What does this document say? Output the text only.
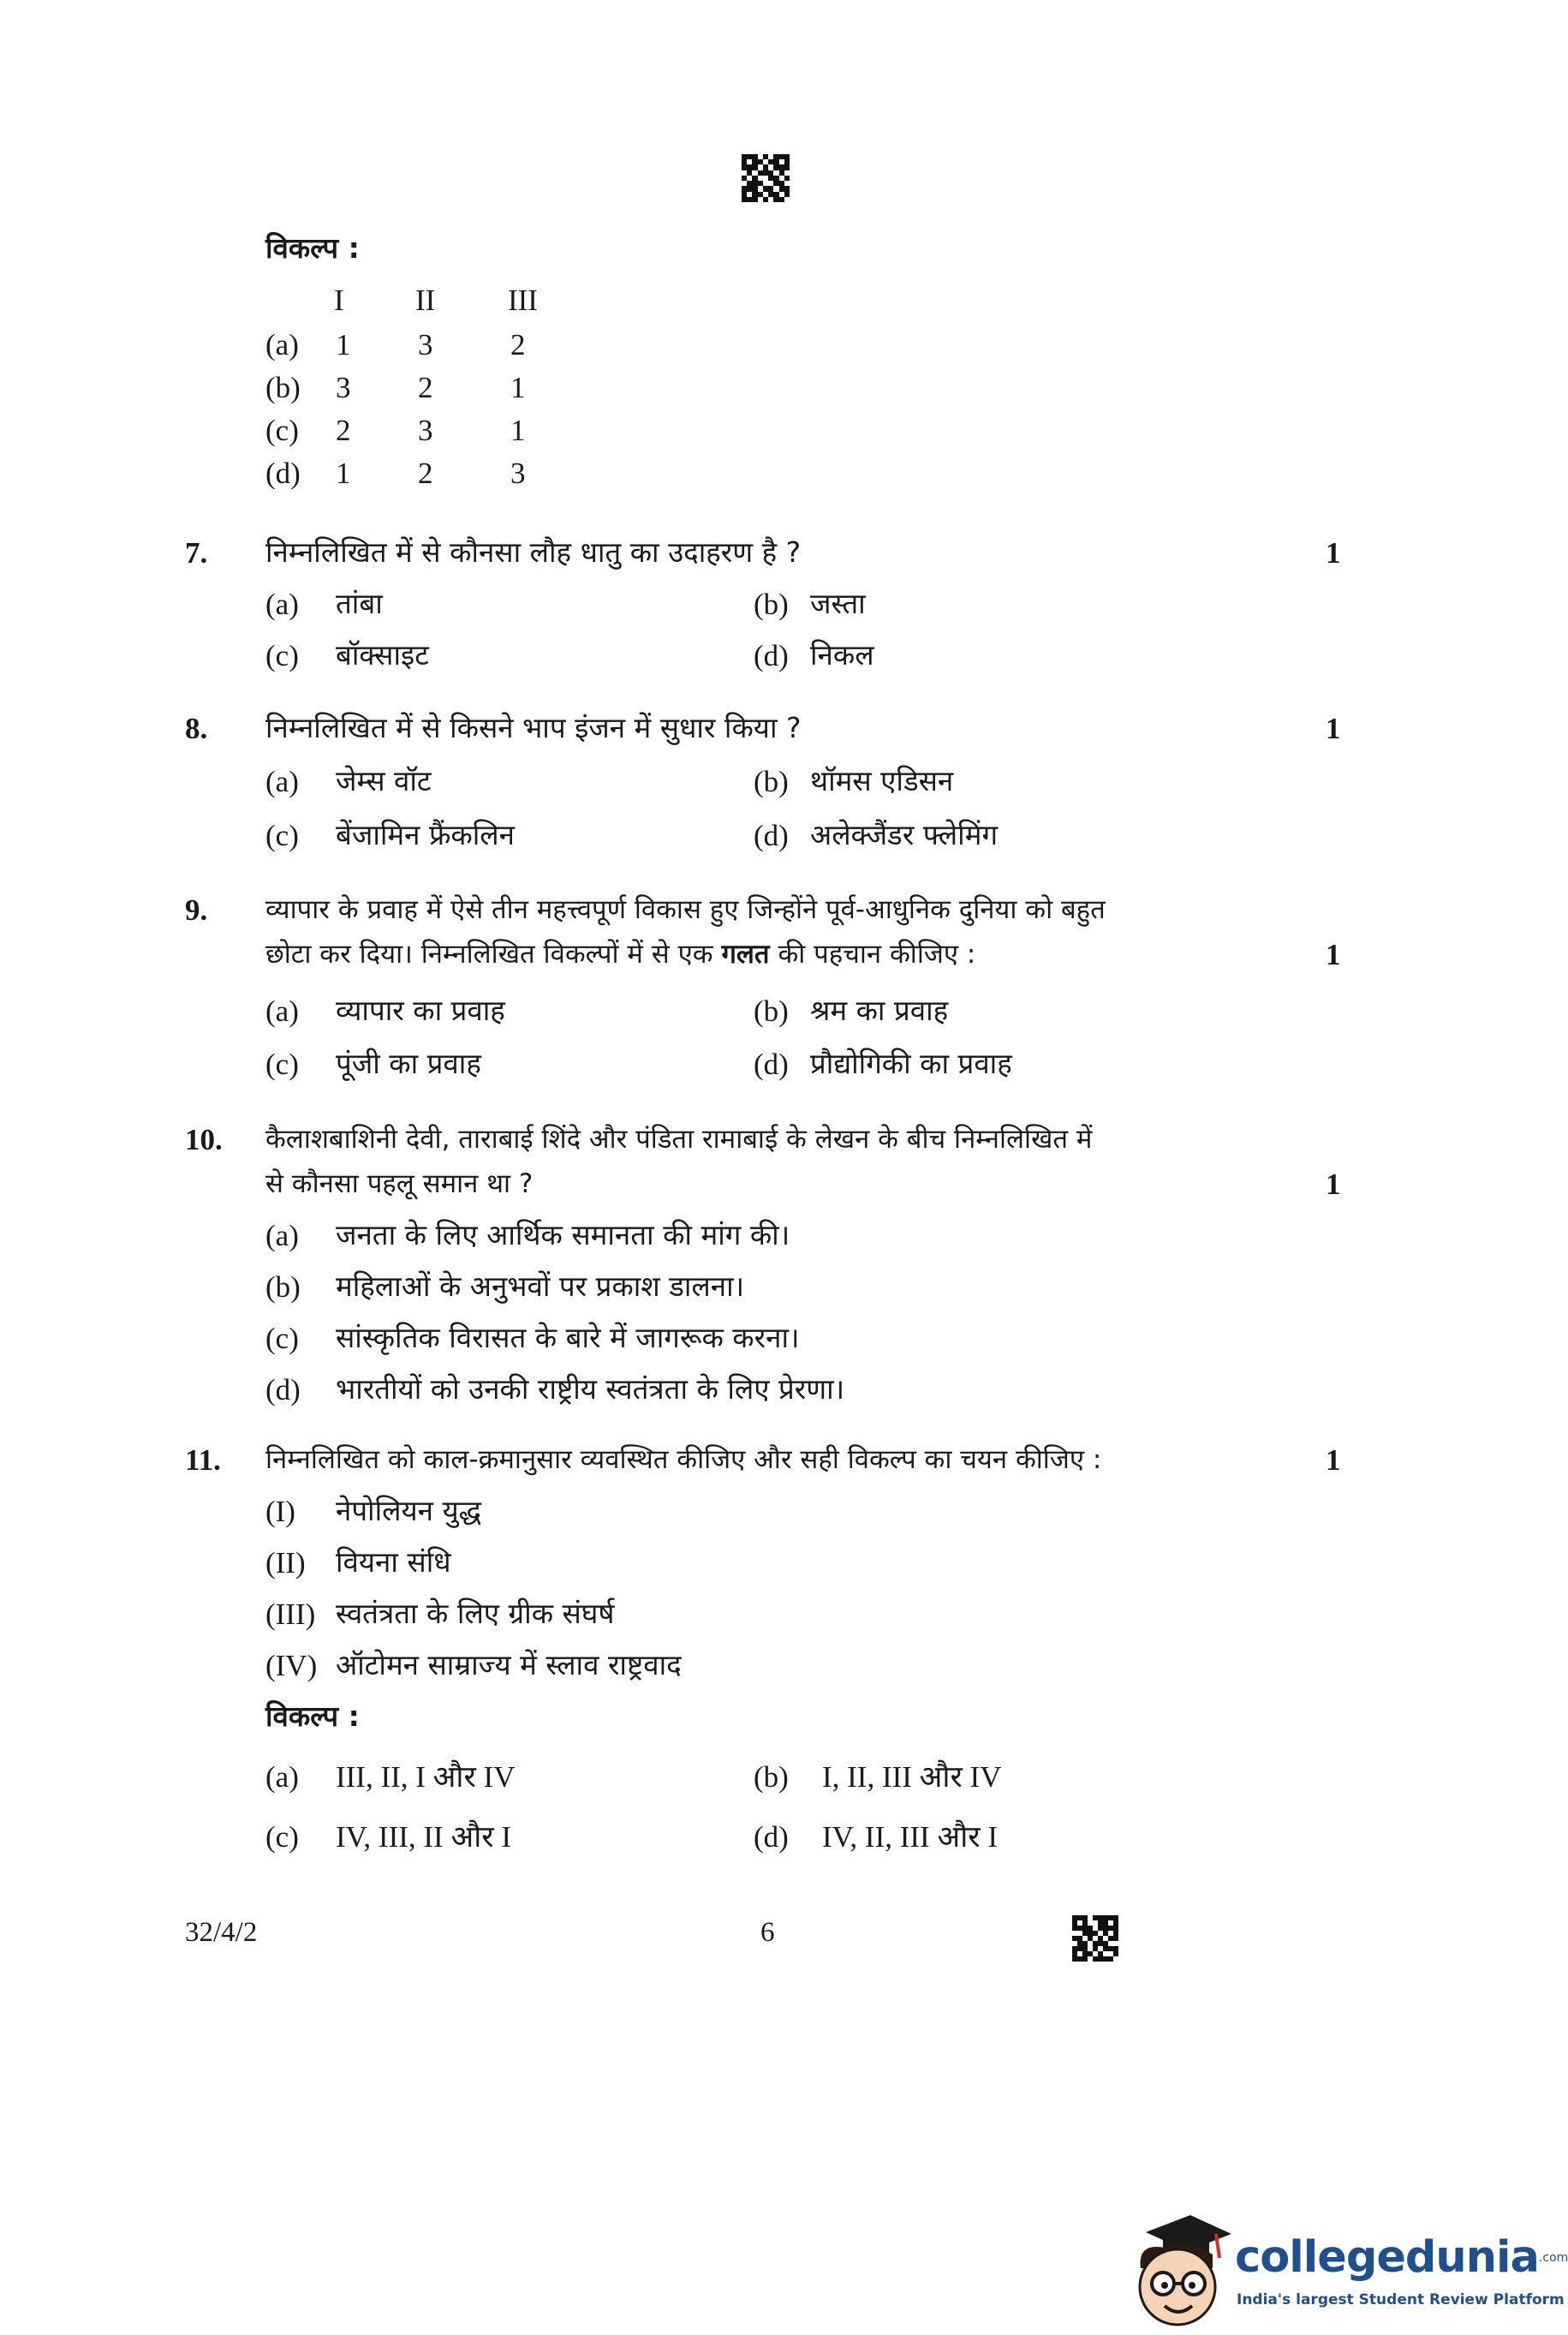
विकल्प :
I II III
(a) 1 3	2
(b) 3 2	1
(c) 2 3	1
(d) 1 2	3
7. निम्नलिखित में से कौनसा लौह धातु का उदाहरण है ?	1
(a) तांबा	(b) जस्ता
(c) बॉक्साइट	(d) निकल
8. निम्नलिखित में से किसने भाप इंजन में सुधार किया ?	1
(a) जेम्स वॉट	(b) थॉमस एडिसन
(c) बेंजामिन फ्रैंकलिन	(d) अलेक्जैंडर फ्लेमिंग
9. व्यापार के प्रवाह में ऐसे तीन महत्त्वपूर्ण विकास हुए जिन्होंने पूर्व-आधुनिक दुनिया को बहुत
छोटा कर दिया। निम्नलिखित विकल्पों में से एक गलत की पहचान कीजिए :	1
(a) व्यापार का प्रवाह	(b) श्रम का प्रवाह
(c) पूंजी का प्रवाह	(d) प्रौद्योगिकी का प्रवाह
10. कैलाशबाशिनी देवी, ताराबाई शिंदे और पंडिता रामाबाई के लेखन के बीच निम्नलिखित में
से कौनसा पहलू समान था ?	1
(a) जनता के लिए आर्थिक समानता की मांग की।
(b) महिलाओं के अनुभवों पर प्रकाश डालना।
(c) सांस्कृतिक विरासत के बारे में जागरूक करना।
(d) भारतीयों को उनकी राष्ट्रीय स्वतंत्रता के लिए प्रेरणा।
11. निम्नलिखित को काल-क्रमानुसार व्यवस्थित कीजिए और सही विकल्प का चयन कीजिए :	1
(I) नेपोलियन युद्ध
(II) वियना संधि
(III) स्वतंत्रता के लिए ग्रीक संघर्ष
(IV) ऑटोमन साम्राज्य में स्लाव राष्ट्रवाद
विकल्प :
(a) III, II, I और IV	(b) I, II, III और IV
(c) IV, III, II और I	(d) IV, II, III और I
32/4/2	6
collegedunia$^{.com}$
India's largest Student Review Platform
